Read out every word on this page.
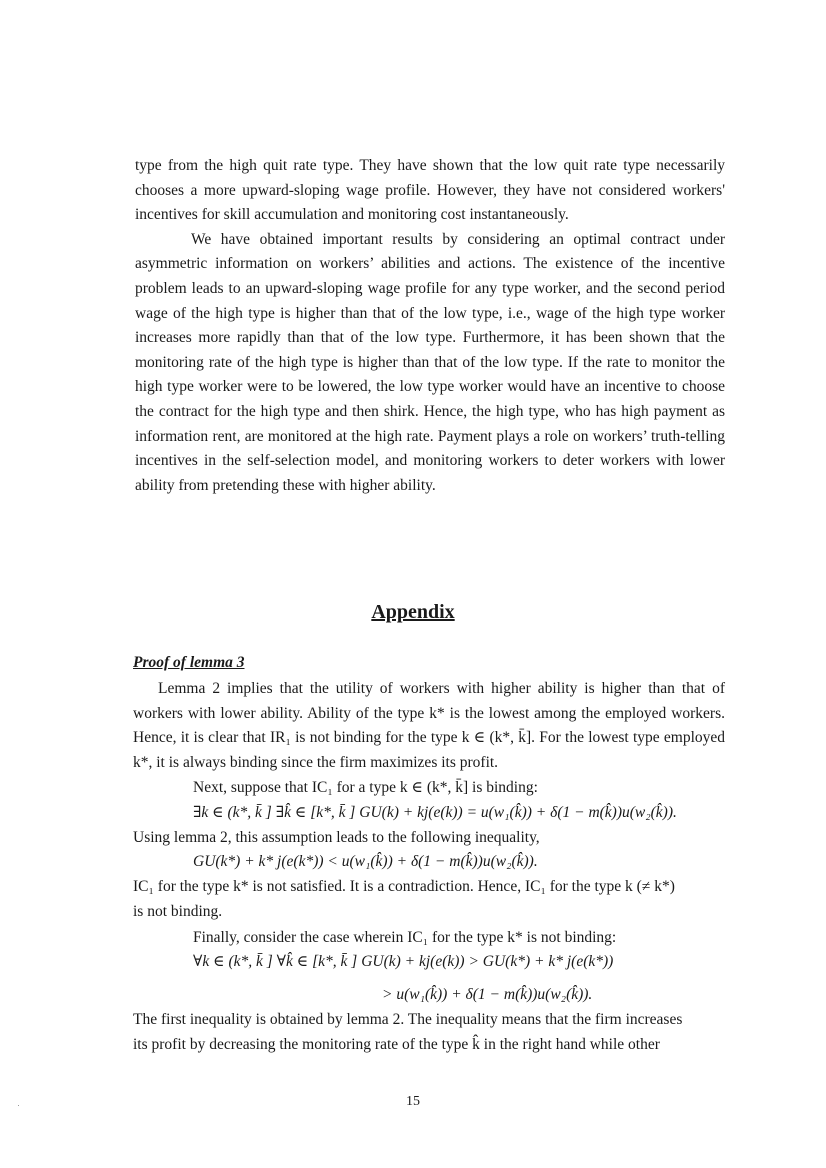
type from the high quit rate type. They have shown that the low quit rate type necessarily chooses a more upward-sloping wage profile. However, they have not considered workers' incentives for skill accumulation and monitoring cost instantaneously.

We have obtained important results by considering an optimal contract under asymmetric information on workers’ abilities and actions. The existence of the incentive problem leads to an upward-sloping wage profile for any type worker, and the second period wage of the high type is higher than that of the low type, i.e., wage of the high type worker increases more rapidly than that of the low type. Furthermore, it has been shown that the monitoring rate of the high type is higher than that of the low type. If the rate to monitor the high type worker were to be lowered, the low type worker would have an incentive to choose the contract for the high type and then shirk. Hence, the high type, who has high payment as information rent, are monitored at the high rate. Payment plays a role on workers’ truth-telling incentives in the self-selection model, and monitoring workers to deter workers with lower ability from pretending these with higher ability.

Appendix
Proof of lemma 3

Lemma 2 implies that the utility of workers with higher ability is higher than that of workers with lower ability. Ability of the type k* is the lowest among the employed workers. Hence, it is clear that IR₁ is not binding for the type k ∈ (k*, k̄]. For the lowest type employed k*, it is always binding since the firm maximizes its profit.

Next, suppose that IC₁ for a type k ∈ (k*, k̄] is binding:
∃k ∈ (k*, k̄ ] ∃k̂ ∈ [k*, k̄ ] GU(k) + kj(e(k)) = u(w₁(k̂)) + δ(1 − m(k̂))u(w₂(k̂)).
Using lemma 2, this assumption leads to the following inequality,
GU(k*) + k* j(e(k*)) < u(w₁(k̂)) + δ(1 − m(k̂))u(w₂(k̂)).
IC₁ for the type k* is not satisfied. It is a contradiction. Hence, IC₁ for the type k (≠ k*)
is not binding.
Finally, consider the case wherein IC₁ for the type k* is not binding:
∀k ∈ (k*, k̄ ] ∀k̂ ∈ [k*, k̄ ] GU(k) + kj(e(k)) > GU(k*) + k* j(e(k*))
> u(w₁(k̂)) + δ(1 − m(k̂))u(w₂(k̂)).
The first inequality is obtained by lemma 2. The inequality means that the firm increases
its profit by decreasing the monitoring rate of the type k̂ in the right hand while other
15
